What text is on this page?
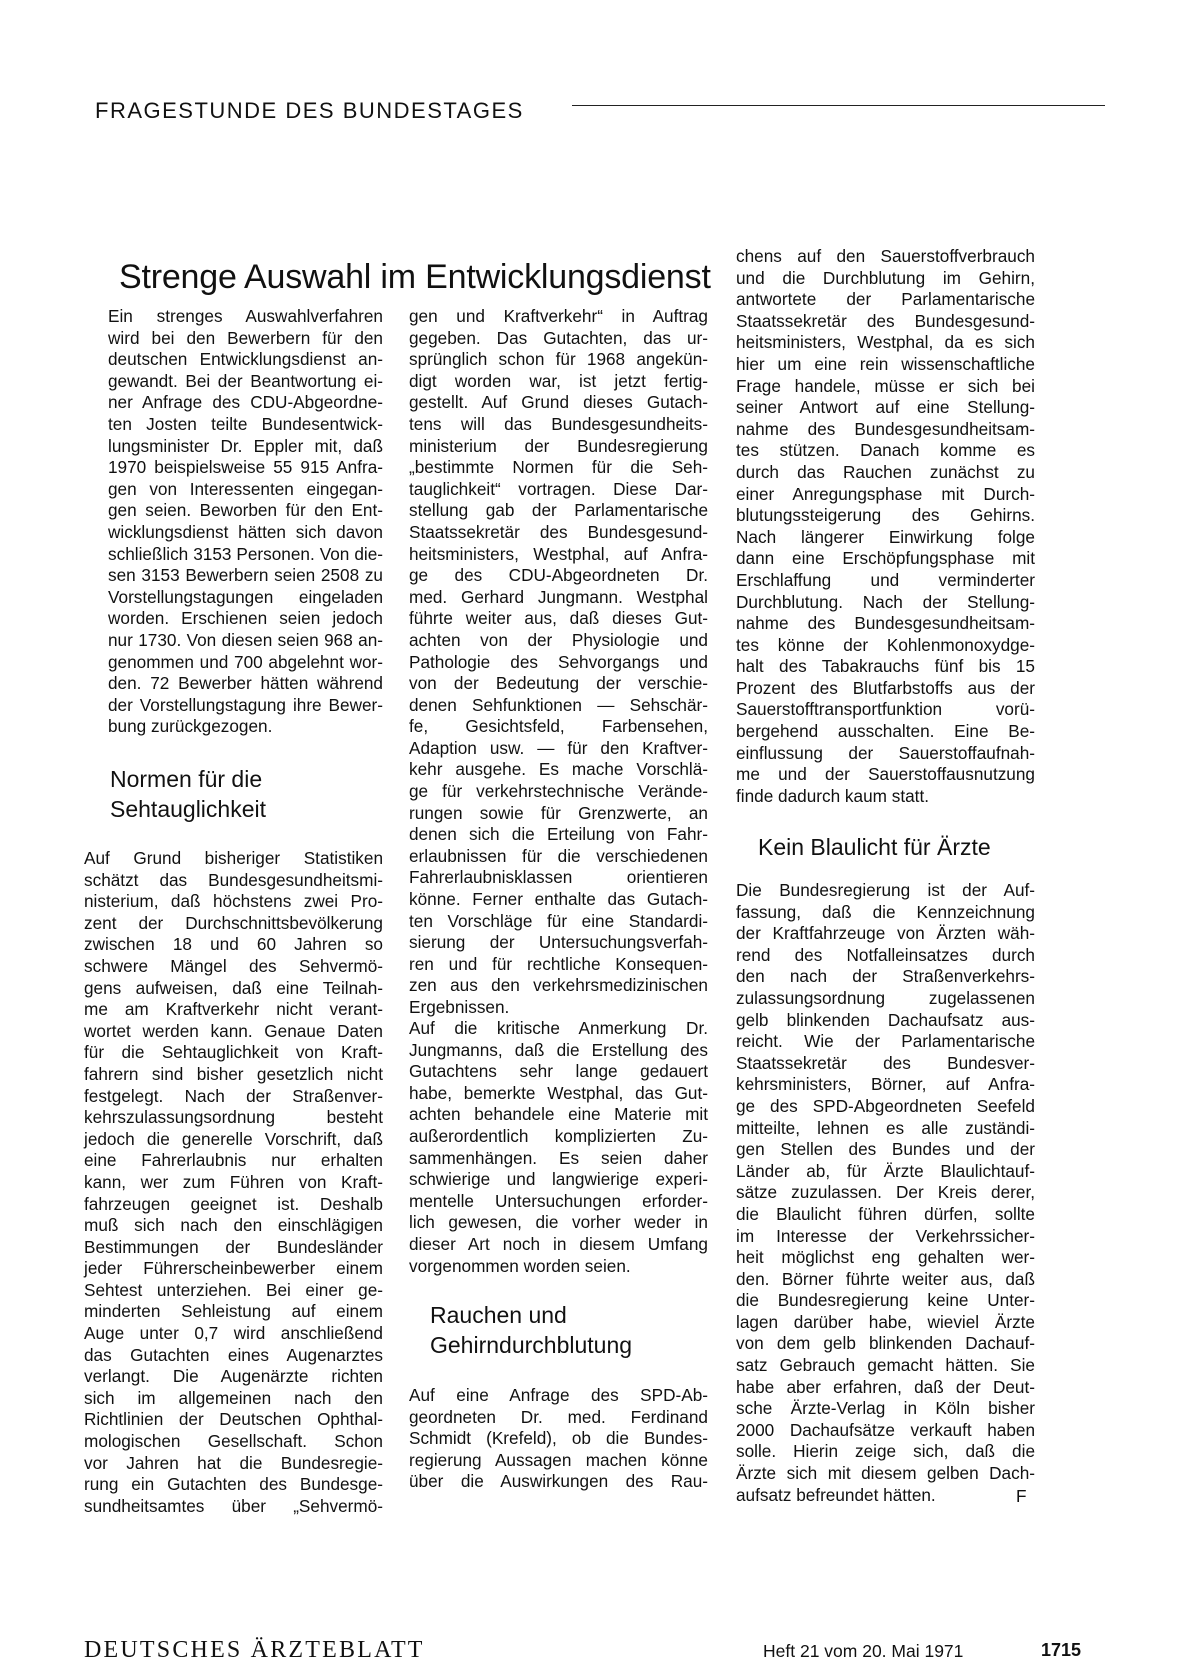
FRAGESTUNDE DES BUNDESTAGES
Strenge Auswahl im Entwicklungsdienst
Ein strenges Auswahlverfahren
wird bei den Bewerbern für den
deutschen Entwicklungsdienst an-
gewandt. Bei der Beantwortung ei-
ner Anfrage des CDU-Abgeordne-
ten Josten teilte Bundesentwick-
lungsminister Dr. Eppler mit, daß
1970 beispielsweise 55 915 Anfra-
gen von Interessenten eingegan-
gen seien. Beworben für den Ent-
wicklungsdienst hätten sich davon
schließlich 3153 Personen. Von die-
sen 3153 Bewerbern seien 2508 zu
Vorstellungstagungen eingeladen
worden. Erschienen seien jedoch
nur 1730. Von diesen seien 968 an-
genommen und 700 abgelehnt wor-
den. 72 Bewerber hätten während
der Vorstellungstagung ihre Bewer-
bung zurückgezogen.
Normen für die
Sehtauglichkeit
Auf Grund bisheriger Statistiken
schätzt das Bundesgesundheitsmi-
nisterium, daß höchstens zwei Pro-
zent der Durchschnittsbevölkerung
zwischen 18 und 60 Jahren so
schwere Mängel des Sehvermö-
gens aufweisen, daß eine Teilnah-
me am Kraftverkehr nicht verant-
wortet werden kann. Genaue Daten
für die Sehtauglichkeit von Kraft-
fahrern sind bisher gesetzlich nicht
festgelegt. Nach der Straßenver-
kehrszulassungsordnung besteht
jedoch die generelle Vorschrift, daß
eine Fahrerlaubnis nur erhalten
kann, wer zum Führen von Kraft-
fahrzeugen geeignet ist. Deshalb
muß sich nach den einschlägigen
Bestimmungen der Bundesländer
jeder Führerscheinbewerber einem
Sehtest unterziehen. Bei einer ge-
minderten Sehleistung auf einem
Auge unter 0,7 wird anschließend
das Gutachten eines Augenarztes
verlangt. Die Augenärzte richten
sich im allgemeinen nach den
Richtlinien der Deutschen Ophthal-
mologischen Gesellschaft. Schon
vor Jahren hat die Bundesregie-
rung ein Gutachten des Bundesge-
sundheitsamtes über „Sehvermö-
gen und Kraftverkehr“ in Auftrag
gegeben. Das Gutachten, das ur-
sprünglich schon für 1968 angekün-
digt worden war, ist jetzt fertig-
gestellt. Auf Grund dieses Gutach-
tens will das Bundesgesundheits-
ministerium der Bundesregierung
„bestimmte Normen für die Seh-
tauglichkeit“ vortragen. Diese Dar-
stellung gab der Parlamentarische
Staatssekretär des Bundesgesund-
heitsministers, Westphal, auf Anfra-
ge des CDU-Abgeordneten Dr.
med. Gerhard Jungmann. Westphal
führte weiter aus, daß dieses Gut-
achten von der Physiologie und
Pathologie des Sehvorgangs und
von der Bedeutung der verschie-
denen Sehfunktionen — Sehschär-
fe, Gesichtsfeld, Farbensehen,
Adaption usw. — für den Kraftver-
kehr ausgehe. Es mache Vorschlä-
ge für verkehrstechnische Verände-
rungen sowie für Grenzwerte, an
denen sich die Erteilung von Fahr-
erlaubnissen für die verschiedenen
Fahrerlaubnisklassen orientieren
könne. Ferner enthalte das Gutach-
ten Vorschläge für eine Standardi-
sierung der Untersuchungsverfah-
ren und für rechtliche Konsequen-
zen aus den verkehrsmedizinischen
Ergebnissen.
Auf die kritische Anmerkung Dr.
Jungmanns, daß die Erstellung des
Gutachtens sehr lange gedauert
habe, bemerkte Westphal, das Gut-
achten behandele eine Materie mit
außerordentlich komplizierten Zu-
sammenhängen. Es seien daher
schwierige und langwierige experi-
mentelle Untersuchungen erforder-
lich gewesen, die vorher weder in
dieser Art noch in diesem Umfang
vorgenommen worden seien.
Rauchen und
Gehirndurchblutung
Auf eine Anfrage des SPD-Ab-
geordneten Dr. med. Ferdinand
Schmidt (Krefeld), ob die Bundes-
regierung Aussagen machen könne
über die Auswirkungen des Rau-
chens auf den Sauerstoffverbrauch
und die Durchblutung im Gehirn,
antwortete der Parlamentarische
Staatssekretär des Bundesgesund-
heitsministers, Westphal, da es sich
hier um eine rein wissenschaftliche
Frage handele, müsse er sich bei
seiner Antwort auf eine Stellung-
nahme des Bundesgesundheitsam-
tes stützen. Danach komme es
durch das Rauchen zunächst zu
einer Anregungsphase mit Durch-
blutungssteigerung des Gehirns.
Nach längerer Einwirkung folge
dann eine Erschöpfungsphase mit
Erschlaffung und verminderter
Durchblutung. Nach der Stellung-
nahme des Bundesgesundheitsam-
tes könne der Kohlenmonoxydge-
halt des Tabakrauchs fünf bis 15
Prozent des Blutfarbstoffs aus der
Sauerstofftransportfunktion vorü-
bergehend ausschalten. Eine Be-
einflussung der Sauerstoffaufnah-
me und der Sauerstoffausnutzung
finde dadurch kaum statt.
Kein Blaulicht für Ärzte
Die Bundesregierung ist der Auf-
fassung, daß die Kennzeichnung
der Kraftfahrzeuge von Ärzten wäh-
rend des Notfalleinsatzes durch
den nach der Straßenverkehrs-
zulassungsordnung zugelassenen
gelb blinkenden Dachaufsatz aus-
reicht. Wie der Parlamentarische
Staatssekretär des Bundesver-
kehrsministers, Börner, auf Anfra-
ge des SPD-Abgeordneten Seefeld
mitteilte, lehnen es alle zuständi-
gen Stellen des Bundes und der
Länder ab, für Ärzte Blaulichtauf-
sätze zuzulassen. Der Kreis derer,
die Blaulicht führen dürfen, sollte
im Interesse der Verkehrssicher-
heit möglichst eng gehalten wer-
den. Börner führte weiter aus, daß
die Bundesregierung keine Unter-
lagen darüber habe, wieviel Ärzte
von dem gelb blinkenden Dachauf-
satz Gebrauch gemacht hätten. Sie
habe aber erfahren, daß der Deut-
sche Ärzte-Verlag in Köln bisher
2000 Dachaufsätze verkauft haben
solle. Hierin zeige sich, daß die
Ärzte sich mit diesem gelben Dach-
aufsatz befreundet hätten.	F
DEUTSCHES ÄRZTEBLATT	Heft 21 vom 20. Mai 1971	1715
